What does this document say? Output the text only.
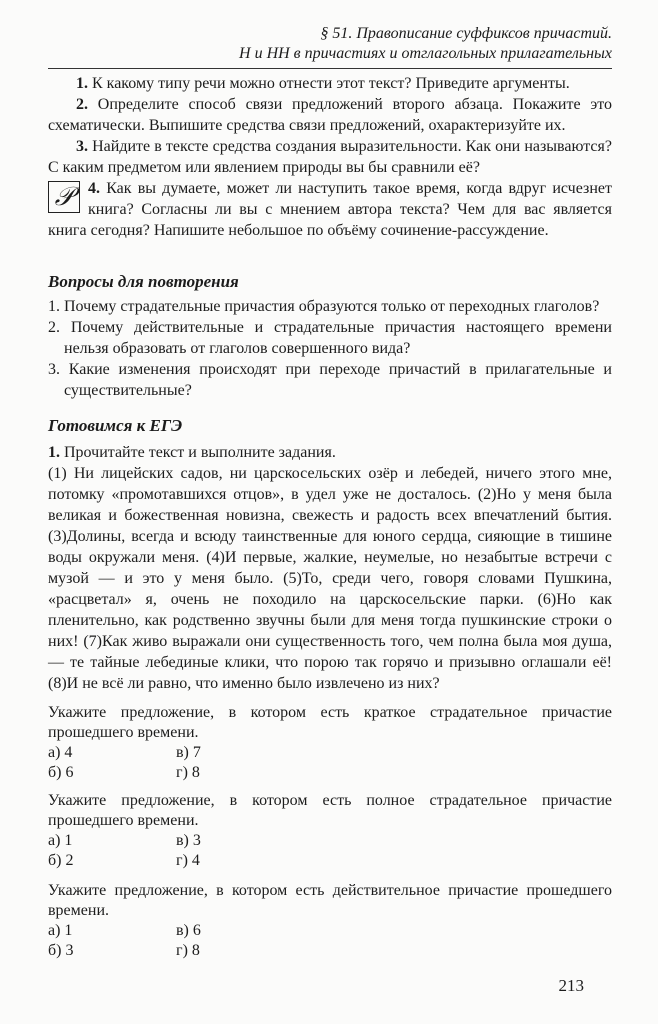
§ 51. Правописание суффиксов причастий.
Н и НН в причастиях и отглагольных прилагательных

1. К какому типу речи можно отнести этот текст? Приведите аргументы.

2. Определите способ связи предложений второго абзаца. Покажите это схематически. Выпишите средства связи предложений, охарактеризуйте их.

3. Найдите в тексте средства создания выразительности. Как они называются? С каким предметом или явлением природы вы бы сравнили её?

𝒫 4. Как вы думаете, может ли наступить такое время, когда вдруг исчезнет книга? Согласны ли вы с мнением автора текста? Чем для вас является книга сегодня? Напишите небольшое по объёму сочинение-рассуждение.

Вопросы для повторения

1. Почему страдательные причастия образуются только от переходных глаголов?

2. Почему действительные и страдательные причастия настоящего времени нельзя образовать от глаголов совершенного вида?

3. Какие изменения происходят при переходе причастий в прилагательные и существительные?

Готовимся к ЕГЭ

1. Прочитайте текст и выполните задания.

(1) Ни лицейских садов, ни царскосельских озёр и лебедей, ничего этого мне, потомку «промотавшихся отцов», в удел уже не досталось. (2)Но у меня была великая и божественная новизна, свежесть и радость всех впечатлений бытия. (3)Долины, всегда и всюду таинственные для юного сердца, сияющие в тишине воды окружали меня. (4)И первые, жалкие, неумелые, но незабытые встречи с музой — и это у меня было. (5)То, среди чего, говоря словами Пушкина, «расцветал» я, очень не походило на царскосельские парки. (6)Но как пленительно, как родственно звучны были для меня тогда пушкинские строки о них! (7)Как живо выражали они существенность того, чем полна была моя душа, — те тайные лебединые клики, что порою так горячо и призывно оглашали её! (8)И не всё ли равно, что именно было извлечено из них?

Укажите предложение, в котором есть краткое страдательное причастие прошедшего времени.

а) 4	в) 7
б) 6	г) 8

Укажите предложение, в котором есть полное страдательное причастие прошедшего времени.

а) 1	в) 3
б) 2	г) 4

Укажите предложение, в котором есть действительное причастие прошедшего времени.

а) 1	в) 6
б) 3	г) 8
213
